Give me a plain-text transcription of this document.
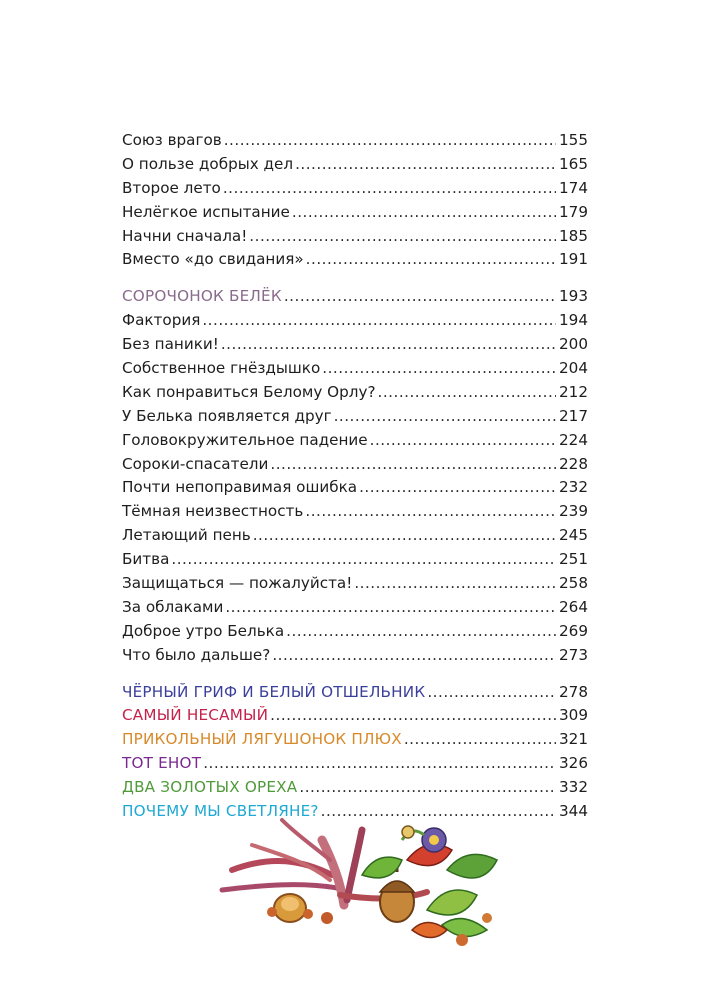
Союз врагов .....	155
О пользе добрых дел .....	165
Второе лето .....	174
Нелёгкое испытание .....	179
Начни сначала! .....	185
Вместо «до свидания» .....	191
СОРОЧОНОК БЕЛЁК .....	193
Фактория .....	194
Без паники! .....	200
Собственное гнёздышко .....	204
Как понравиться Белому Орлу? .....	212
У Белька появляется друг .....	217
Головокружительное падение .....	224
Сороки-спасатели .....	228
Почти непоправимая ошибка .....	232
Тёмная неизвестность .....	239
Летающий пень .....	245
Битва .....	251
Защищаться — пожалуйста! .....	258
За облаками .....	264
Доброе утро Белька .....	269
Что было дальше? .....	273
ЧЁРНЫЙ ГРИФ И БЕЛЫЙ ОТШЕЛЬНИК .....	278
САМЫЙ НЕСАМЫЙ .....	309
ПРИКОЛЬНЫЙ ЛЯГУШОНОК ПЛЮХ .....	321
ТОТ ЕНОТ .....	326
ДВА ЗОЛОТЫХ ОРЕХА .....	332
ПОЧЕМУ МЫ СВЕТЛЯНЕ? .....	344
